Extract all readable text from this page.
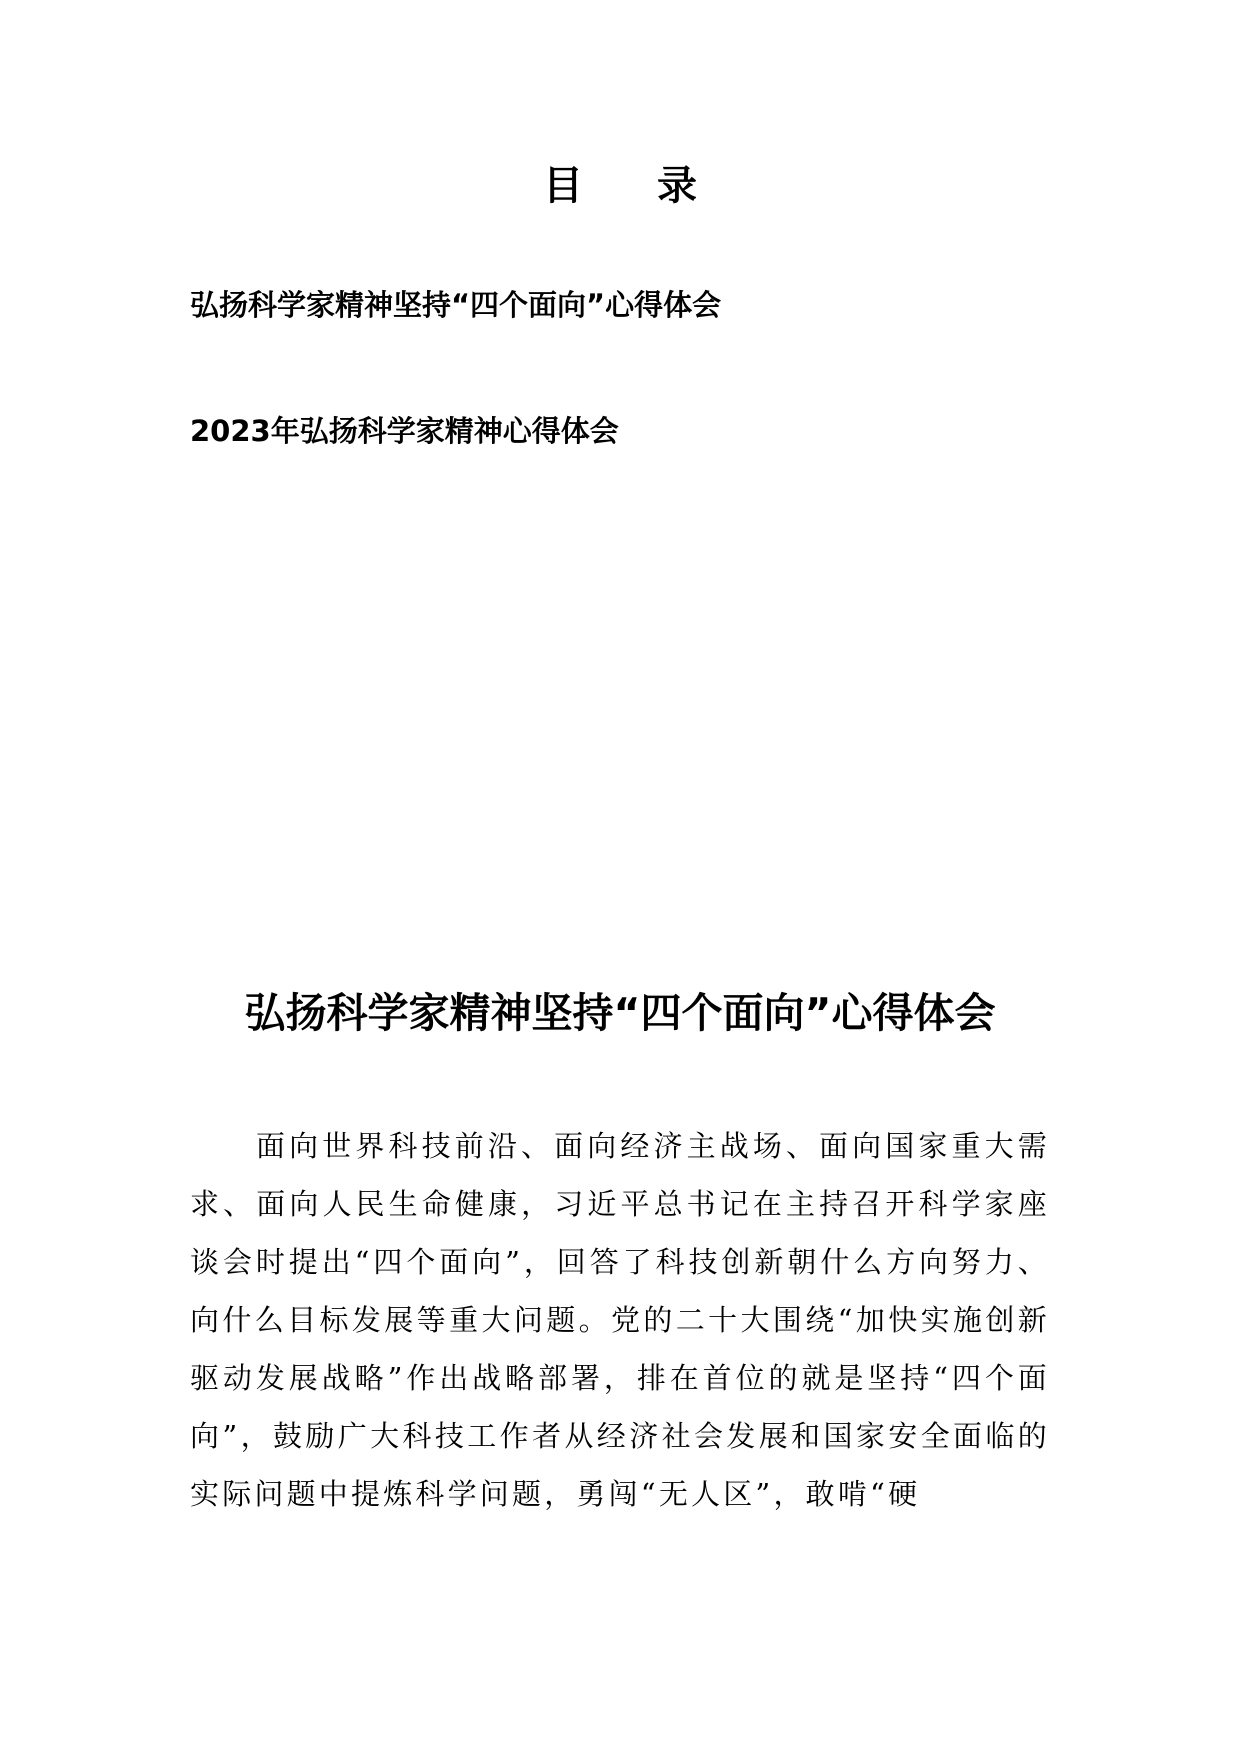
目 录
弘扬科学家精神坚持“四个面向”心得体会
2023年弘扬科学家精神心得体会
弘扬科学家精神坚持“四个面向”心得体会
面向世界科技前沿、面向经济主战场、面向国家重大需求、面向人民生命健康，习近平总书记在主持召开科学家座谈会时提出“四个面向”，回答了科技创新朝什么方向努力、向什么目标发展等重大问题。党的二十大围绕“加快实施创新驱动发展战略”作出战略部署，排在首位的就是坚持“四个面向”，鼓励广大科技工作者从经济社会发展和国家安全面临的实际问题中提炼科学问题，勇闯“无人区”，敢啃“硬
